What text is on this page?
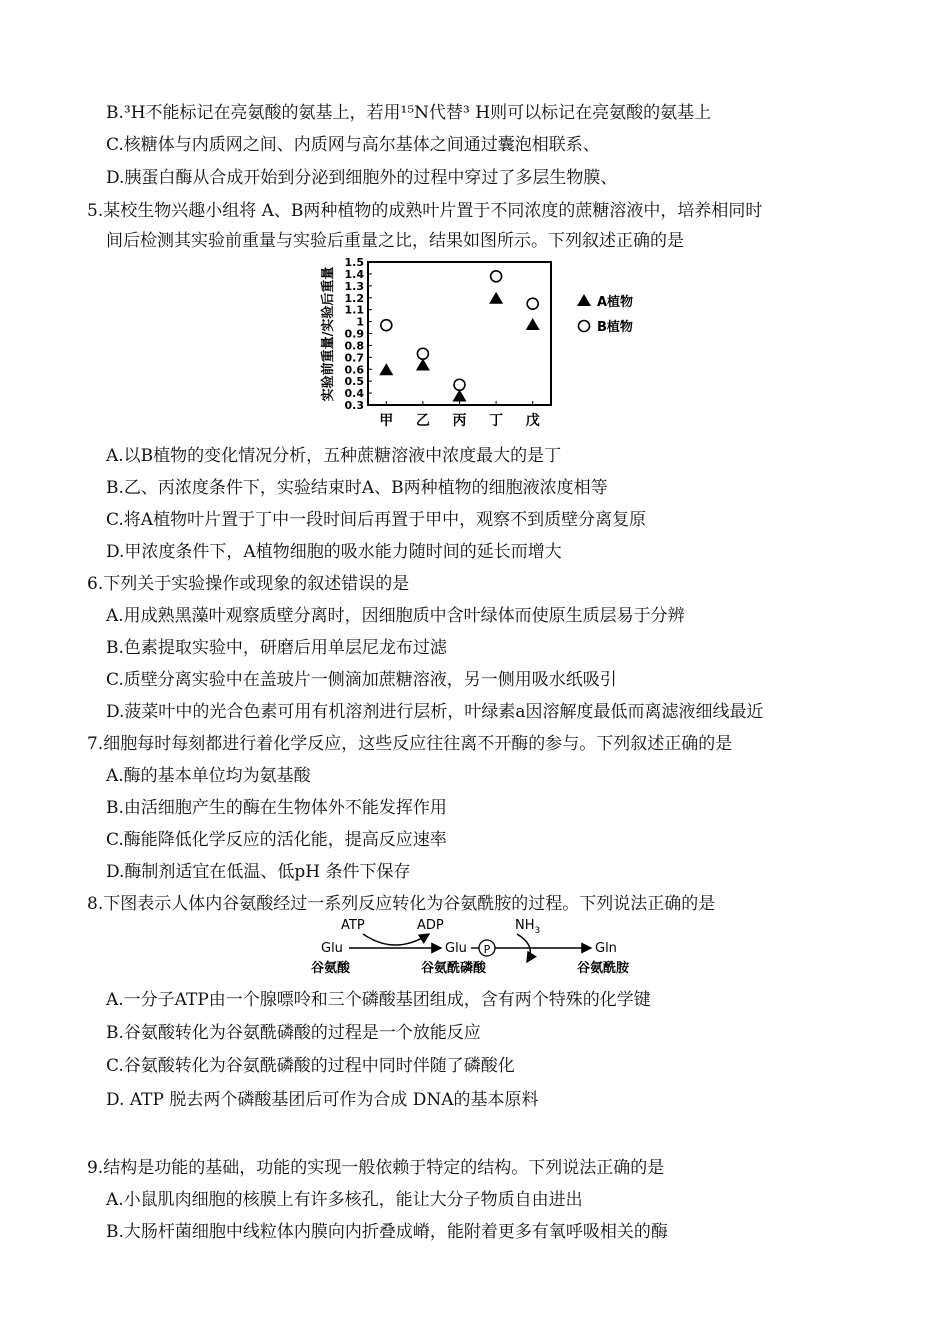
B.³H不能标记在亮氨酸的氨基上，若用¹⁵N代替³ H则可以标记在亮氨酸的氨基上
C.核糖体与内质网之间、内质网与高尔基体之间通过囊泡相联系、
D.胰蛋白酶从合成开始到分泌到细胞外的过程中穿过了多层生物膜、
5.某校生物兴趣小组将 A、B两种植物的成熟叶片置于不同浓度的蔗糖溶液中，培养相同时
间后检测其实验前重量与实验后重量之比，结果如图所示。下列叙述正确的是
实验前重量/实验后重量
1.5
1.4
1.3
1.2
1.1
1
0.9
0.8
0.7
0.6
0.5
0.4
0.3
甲 乙 丙 丁 戊
A植物
B植物
A.以B植物的变化情况分析，五种蔗糖溶液中浓度最大的是丁
B.乙、丙浓度条件下，实验结束时A、B两种植物的细胞液浓度相等
C.将A植物叶片置于丁中一段时间后再置于甲中，观察不到质壁分离复原
D.甲浓度条件下，A植物细胞的吸水能力随时间的延长而增大
6.下列关于实验操作或现象的叙述错误的是
A.用成熟黑藻叶观察质壁分离时，因细胞质中含叶绿体而使原生质层易于分辨
B.色素提取实验中，研磨后用单层尼龙布过滤
C.质壁分离实验中在盖玻片一侧滴加蔗糖溶液，另一侧用吸水纸吸引
D.菠菜叶中的光合色素可用有机溶剂进行层析，叶绿素a因溶解度最低而离滤液细线最近
7.细胞每时每刻都进行着化学反应，这些反应往往离不开酶的参与。下列叙述正确的是
A.酶的基本单位均为氨基酸
B.由活细胞产生的酶在生物体外不能发挥作用
C.酶能降低化学反应的活化能，提高反应速率
D.酶制剂适宜在低温、低pH 条件下保存
8.下图表示人体内谷氨酸经过一系列反应转化为谷氨酰胺的过程。下列说法正确的是
ATP	ADP	$NH_3$
Glu	Glu P	Gln
谷氨酸	谷氨酰磷酸	谷氨酰胺
A.一分子ATP由一个腺嘌呤和三个磷酸基团组成，含有两个特殊的化学键
B.谷氨酸转化为谷氨酰磷酸的过程是一个放能反应
C.谷氨酸转化为谷氨酰磷酸的过程中同时伴随了磷酸化
D. ATP 脱去两个磷酸基团后可作为合成 DNA的基本原料
9.结构是功能的基础，功能的实现一般依赖于特定的结构。下列说法正确的是
A.小鼠肌肉细胞的核膜上有许多核孔，能让大分子物质自由进出
B.大肠杆菌细胞中线粒体内膜向内折叠成嵴，能附着更多有氧呼吸相关的酶
